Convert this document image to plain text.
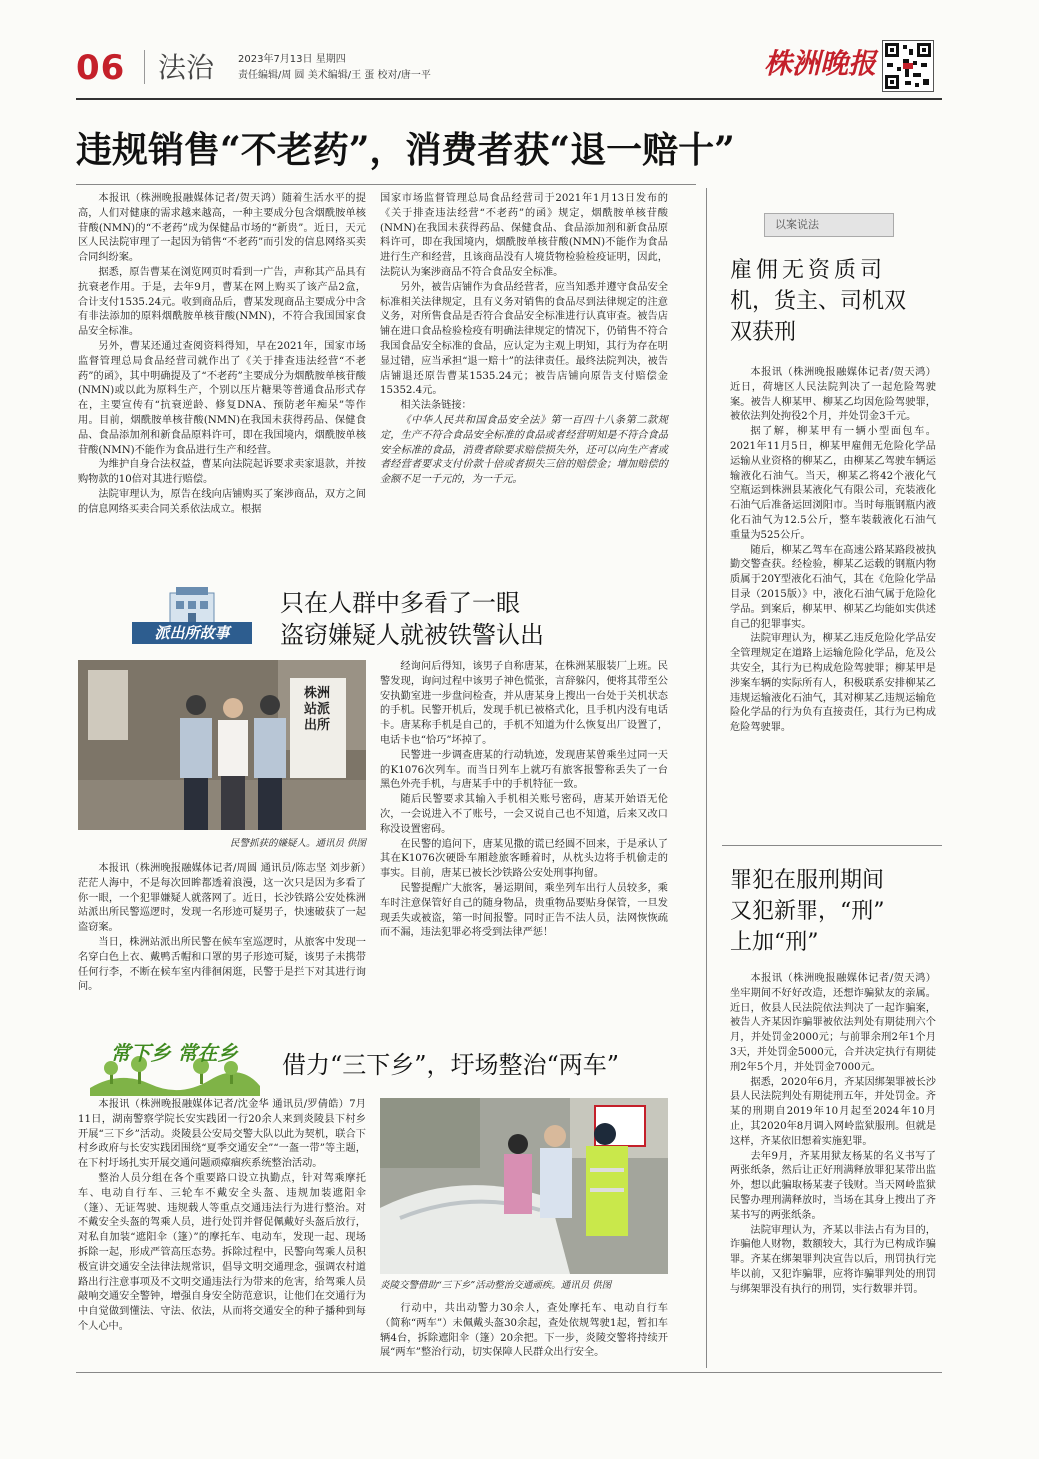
06 法治 2023年7月13日 星期四
责任编辑/周 圆 美术编辑/王 蛋 校对/唐一平	株洲晚报
违规销售“不老药”，消费者获“退一赔十”

本报讯（株洲晚报融媒体记者/贺天鸿）随着生活水平的提高，人们对健康的需求越来越高，一种主要成分包含烟酰胺单核苷酸(NMN)的“不老药”成为保健品市场的“新贵”。近日，天元区人民法院审理了一起因为销售“不老药”而引发的信息网络买卖合同纠纷案。

据悉，原告曹某在浏览网页时看到一广告，声称其产品具有抗衰老作用。于是，去年9月，曹某在网上购买了该产品2盒，合计支付1535.24元。收到商品后，曹某发现商品主要成分中含有非法添加的原料烟酰胺单核苷酸(NMN)，不符合我国国家食品安全标准。

另外，曹某还通过查阅资料得知，早在2021年，国家市场监督管理总局食品经营司就作出了《关于排查违法经营“不老药”的函》，其中明确提及了“不老药”主要成分为烟酰胺单核苷酸(NMN)或以此为原料生产，个别以压片糖果等普通食品形式存在，主要宣传有“抗衰逆龄、修复DNA、预防老年痴呆”等作用。目前，烟酰胺单核苷酸(NMN)在我国未获得药品、保健食品、食品添加剂和新食品原料许可，即在我国境内，烟酰胺单核苷酸(NMN)不能作为食品进行生产和经营。

为维护自身合法权益，曹某向法院起诉要求卖家退款，并按购物款的10倍对其进行赔偿。

法院审理认为，原告在线向店铺购买了案涉商品，双方之间的信息网络买卖合同关系依法成立。根据

国家市场监督管理总局食品经营司于2021年1月13日发布的《关于排查违法经营“不老药”的函》规定，烟酰胺单核苷酸(NMN)在我国未获得药品、保健食品、食品添加剂和新食品原料许可，即在我国境内，烟酰胺单核苷酸(NMN)不能作为食品进行生产和经营，且该商品没有人境货物检验检疫证明，因此，法院认为案涉商品不符合食品安全标准。

另外，被告店铺作为食品经营者，应当知悉并遵守食品安全标准相关法律规定，且有义务对销售的食品尽到法律规定的注意义务，对所售食品是否符合食品安全标准进行认真审查。被告店铺在进口食品检验检疫有明确法律规定的情况下，仍销售不符合我国食品安全标准的食品，应认定为主观上明知，其行为存在明显过错，应当承担“退一赔十”的法律责任。最终法院判决，被告店铺退还原告曹某1535.24元；被告店铺向原告支付赔偿金15352.4元。

相关法条链接：

《中华人民共和国食品安全法》第一百四十八条第二款规定，生产不符合食品安全标准的食品或者经营明知是不符合食品安全标准的食品，消费者除要求赔偿损失外，还可以向生产者或者经营者要求支付价款十倍或者损失三倍的赔偿金；增加赔偿的金额不足一千元的，为一千元。

派出所故事
只在人群中多看了一眼
盗窃嫌疑人就被铁警认出
株洲站派出所
民警抓获的嫌疑人。通讯员 供图

本报讯（株洲晚报融媒体记者/周圆 通讯员/陈志坚 刘步新）茫茫人海中，不是每次回眸都透着浪漫，这一次只是因为多看了你一眼，一个犯罪嫌疑人就落网了。近日，长沙铁路公安处株洲站派出所民警巡逻时，发现一名形迹可疑男子，快速破获了一起盗窃案。

当日，株洲站派出所民警在候车室巡逻时，从旅客中发现一名穿白色上衣、戴鸭舌帽和口罩的男子形迹可疑，该男子未携带任何行李，不断在候车室内徘徊闲逛，民警于是拦下对其进行询问。

经询问后得知，该男子自称唐某，在株洲某服装厂上班。民警发现，询问过程中该男子神色慌张，言辞躲闪，便将其带至公安执勤室进一步盘问检查，并从唐某身上搜出一台处于关机状态的手机。民警开机后，发现手机已被格式化，且手机内没有电话卡。唐某称手机是自己的，手机不知道为什么恢复出厂设置了，电话卡也“恰巧”坏掉了。

民警进一步调查唐某的行动轨迹，发现唐某曾乘坐过同一天的K1076次列车。而当日列车上就巧有旅客报警称丢失了一台黑色外壳手机，与唐某手中的手机特征一致。

随后民警要求其输入手机相关账号密码，唐某开始语无伦次，一会说进入不了账号，一会又说自己也不知道，后来又改口称没设置密码。

在民警的追问下，唐某见撒的谎已经圆不回来，于是承认了其在K1076次硬卧车厢趁旅客睡着时，从枕头边将手机偷走的事实。目前，唐某已被长沙铁路公安处刑事拘留。

民警提醒广大旅客，暑运期间，乘坐列车出行人员较多，乘车时注意保管好自己的随身物品，贵重物品要贴身保管，一旦发现丢失或被盗，第一时间报警。同时正告不法人员，法网恢恢疏而不漏，违法犯罪必将受到法律严惩！

常下乡 常在乡	借力“三下乡”，圩场整治“两车”

本报讯（株洲晚报融媒体记者/沈金华 通讯员/罗倩皓）7月11日，湖南警察学院长安实践团一行20余人来到炎陵县下村乡开展“三下乡”活动。炎陵县公安局交警大队以此为契机，联合下村乡政府与长安实践团围绕“夏季交通安全”“一盔一带”等主题，在下村圩场扎实开展交通问题顽瘴痼疾系统整治活动。

整治人员分组在各个重要路口设立执勤点，针对驾乘摩托车、电动自行车、三轮车不戴安全头盔、违规加装遮阳伞（篷）、无证驾驶、违规载人等重点交通违法行为进行整治。对不戴安全头盔的驾乘人员，进行处罚并督促佩戴好头盔后放行，对私自加装“遮阳伞（篷）”的摩托车、电动车，发现一起、现场拆除一起，形成严管高压态势。拆除过程中，民警向驾乘人员积极宣讲交通安全法律法规常识，倡导文明交通理念，强调农村道路出行注意事项及不文明交通违法行为带来的危害，给驾乘人员敲响交通安全警钟，增强自身安全防范意识，让他们在交通行为中自觉做到懂法、守法、依法，从而将交通安全的种子播种到每个人心中。

炎陵交警借助“三下乡”活动整治交通顽疾。通讯员 供图

行动中，共出动警力30余人，查处摩托车、电动自行车（简称“两车”）未佩戴头盔30余起，查处依规驾驶1起，暂扣车辆4台，拆除遮阳伞（篷）20余把。下一步，炎陵交警将持续开展“两车”整治行动，切实保障人民群众出行安全。

以案说法
雇佣无资质司
机，货主、司机双
双获刑

本报讯（株洲晚报融媒体记者/贺天鸿）近日，荷塘区人民法院判决了一起危险驾驶案。被告人柳某甲、柳某乙均因危险驾驶罪，被依法判处拘役2个月，并处罚金3千元。

据了解，柳某甲有一辆小型面包车。2021年11月5日，柳某甲雇佣无危险化学品运输从业资格的柳某乙，由柳某乙驾驶车辆运输液化石油气。当天，柳某乙将42个液化气空瓶运到株洲县某液化气有限公司，充装液化石油气后准备运回浏阳市。当时每瓶钢瓶内液化石油气为12.5公斤，整车装载液化石油气重量为525公斤。

随后，柳某乙驾车在高速公路某路段被执勤交警查获。经检验，柳某乙运载的钢瓶内物质属于20Y型液化石油气，其在《危险化学品目录（2015版）》中，液化石油气属于危险化学品。到案后，柳某甲、柳某乙均能如实供述自己的犯罪事实。

法院审理认为，柳某乙违反危险化学品安全管理规定在道路上运输危险化学品，危及公共安全，其行为已构成危险驾驶罪；柳某甲是涉案车辆的实际所有人，积极联系安排柳某乙违规运输液化石油气，其对柳某乙违规运输危险化学品的行为负有直接责任，其行为已构成危险驾驶罪。

罪犯在服刑期间
又犯新罪，“刑”
上加“刑”

本报讯（株洲晚报融媒体记者/贺天鸿）坐牢期间不好好改造，还想诈骗狱友的亲属。近日，攸县人民法院依法判决了一起诈骗案，被告人齐某因诈骗罪被依法判处有期徒刑六个月，并处罚金2000元；与前罪余刑2年1个月3天，并处罚金5000元，合并决定执行有期徒刑2年5个月，并处罚金7000元。

据悉，2020年6月，齐某因绑架罪被长沙县人民法院判处有期徒刑五年，并处罚金。齐某的刑期自2019年10月起至2024年10月止，其2020年8月调入网岭监狱服刑。但就是这样，齐某依旧想着实施犯罪。

去年9月，齐某用狱友杨某的名义书写了两张纸条，然后让正好刑满释放罪犯某带出监外，想以此骗取杨某妻子钱财。当天网岭监狱民警办理刑满释放时，当场在其身上搜出了齐某书写的两张纸条。

法院审理认为，齐某以非法占有为目的，诈骗他人财物，数额较大，其行为已构成诈骗罪。齐某在绑架罪判决宣告以后，刑罚执行完毕以前，又犯诈骗罪，应将诈骗罪判处的刑罚与绑架罪没有执行的刑罚，实行数罪并罚。
